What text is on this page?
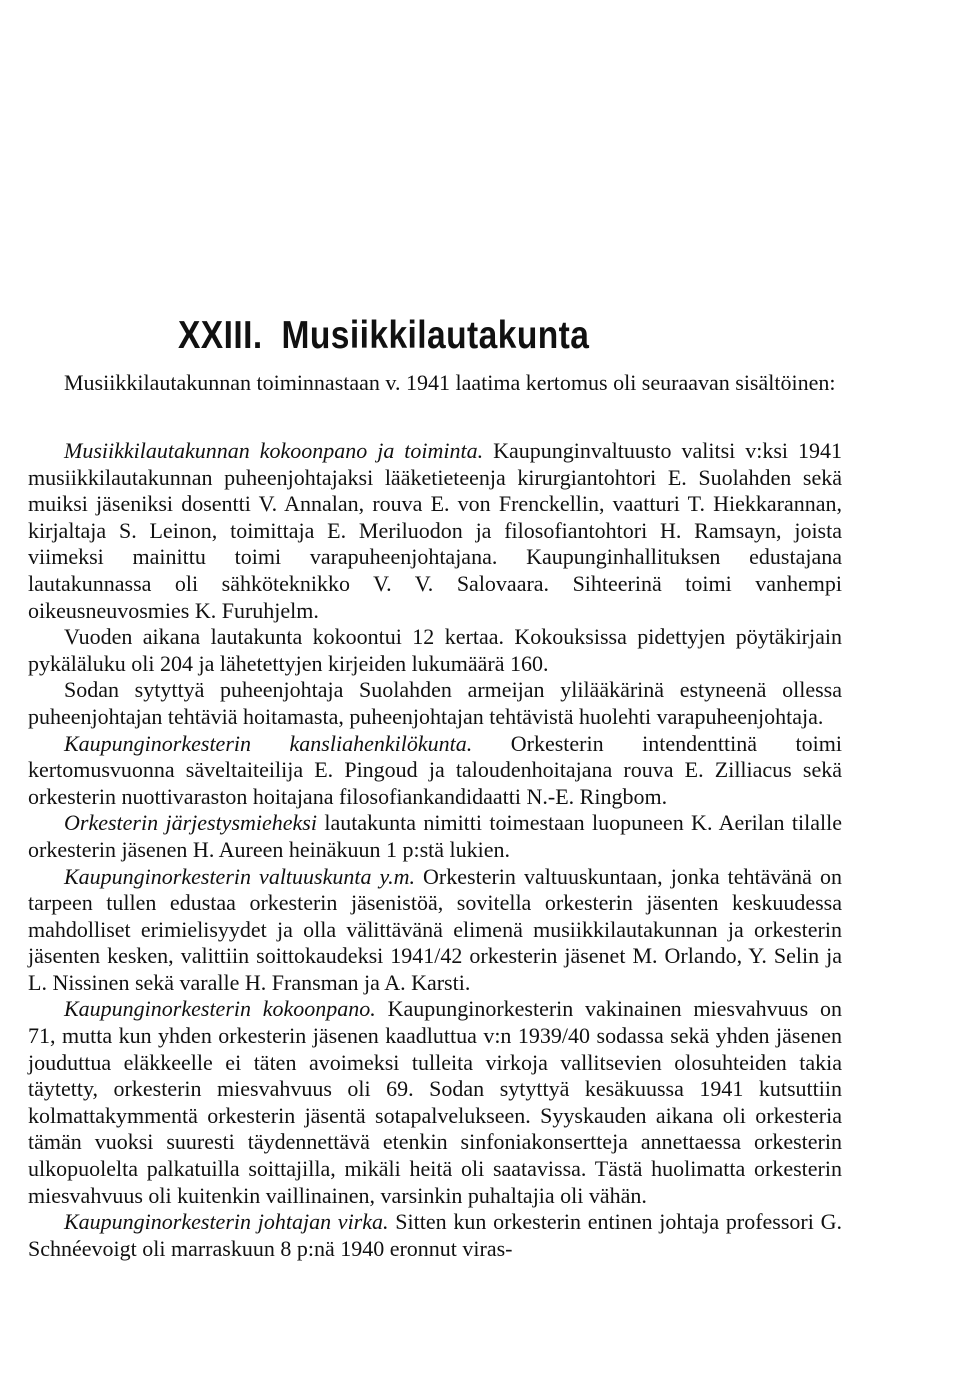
XXIII. Musiikkilautakunta

Musiikkilautakunnan toiminnastaan v. 1941 laatima kertomus oli seuraavan sisältöinen:

Musiikkilautakunnan kokoonpano ja toiminta. Kaupunginvaltuusto valitsi v:ksi 1941 musiikkilautakunnan puheenjohtajaksi lääketieteenja kirurgiantohtori E. Suolahden sekä muiksi jäseniksi dosentti V. Annalan, rouva E. von Frenckellin, vaatturi T. Hiekkarannan, kirjaltaja S. Leinon, toimittaja E. Meriluodon ja filosofiantohtori H. Ramsayn, joista viimeksi mainittu toimi varapuheenjohtajana. Kaupunginhallituksen edustajana lautakunnassa oli sähköteknikko V. V. Salovaara. Sihteerinä toimi vanhempi oikeusneuvosmies K. Furuhjelm.

Vuoden aikana lautakunta kokoontui 12 kertaa. Kokouksissa pidettyjen pöytäkirjain pykäläluku oli 204 ja lähetettyjen kirjeiden lukumäärä 160.

Sodan sytyttyä puheenjohtaja Suolahden armeijan ylilääkärinä estyneenä ollessa puheenjohtajan tehtäviä hoitamasta, puheenjohtajan tehtävistä huolehti varapuheenjohtaja.

Kaupunginorkesterin kansliahenkilökunta. Orkesterin intendenttinä toimi kertomusvuonna säveltaiteilija E. Pingoud ja taloudenhoitajana rouva E. Zilliacus sekä orkesterin nuottivaraston hoitajana filosofiankandidaatti N.-E. Ringbom.

Orkesterin järjestysmieheksi lautakunta nimitti toimestaan luopuneen K. Aerilan tilalle orkesterin jäsenen H. Aureen heinäkuun 1 p:stä lukien.

Kaupunginorkesterin valtuuskunta y.m. Orkesterin valtuuskuntaan, jonka tehtävänä on tarpeen tullen edustaa orkesterin jäsenistöä, sovitella orkesterin jäsenten keskuudessa mahdolliset erimielisyydet ja olla välittävänä elimenä musiikkilautakunnan ja orkesterin jäsenten kesken, valittiin soittokaudeksi 1941/42 orkesterin jäsenet M. Orlando, Y. Selin ja L. Nissinen sekä varalle H. Fransman ja A. Karsti.

Kaupunginorkesterin kokoonpano. Kaupunginorkesterin vakinainen miesvahvuus on 71, mutta kun yhden orkesterin jäsenen kaadluttua v:n 1939/40 sodassa sekä yhden jäsenen jouduttua eläkkeelle ei täten avoimeksi tulleita virkoja vallitsevien olosuhteiden takia täytetty, orkesterin miesvahvuus oli 69. Sodan sytyttyä kesäkuussa 1941 kutsuttiin kolmattakymmentä orkesterin jäsentä sotapalvelukseen. Syyskauden aikana oli orkesteria tämän vuoksi suuresti täydennettävä etenkin sinfoniakonsertteja annettaessa orkesterin ulkopuolelta palkatuilla soittajilla, mikäli heitä oli saatavissa. Tästä huolimatta orkesterin miesvahvuus oli kuitenkin vaillinainen, varsinkin puhaltajia oli vähän.

Kaupunginorkesterin johtajan virka. Sitten kun orkesterin entinen johtaja professori G. Schnéevoigt oli marraskuun 8 p:nä 1940 eronnut viras-
